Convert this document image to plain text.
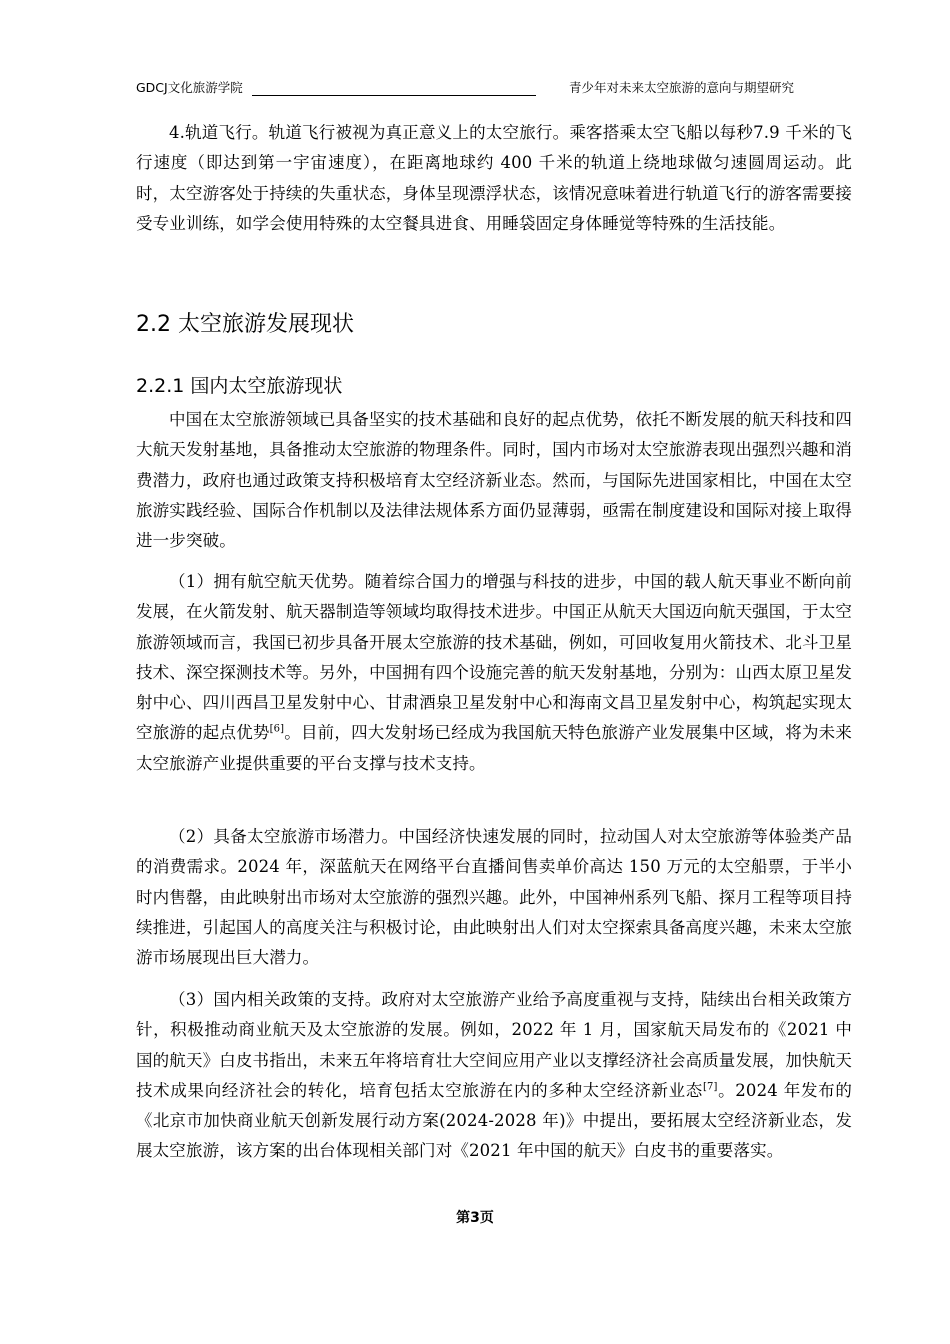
GDCJ文化旅游学院	青少年对未来太空旅游的意向与期望研究

4.轨道飞行。轨道飞行被视为真正意义上的太空旅行。乘客搭乘太空飞船以每秒7.9 千米的飞行速度（即达到第一宇宙速度），在距离地球约 400 千米的轨道上绕地球做匀速圆周运动。此时，太空游客处于持续的失重状态，身体呈现漂浮状态，该情况意味着进行轨道飞行的游客需要接受专业训练，如学会使用特殊的太空餐具进食、用睡袋固定身体睡觉等特殊的生活技能。

2.2 太空旅游发展现状
2.2.1 国内太空旅游现状

中国在太空旅游领域已具备坚实的技术基础和良好的起点优势，依托不断发展的航天科技和四大航天发射基地，具备推动太空旅游的物理条件。同时，国内市场对太空旅游表现出强烈兴趣和消费潜力，政府也通过政策支持积极培育太空经济新业态。然而，与国际先进国家相比，中国在太空旅游实践经验、国际合作机制以及法律法规体系方面仍显薄弱，亟需在制度建设和国际对接上取得进一步突破。

（1）拥有航空航天优势。随着综合国力的增强与科技的进步，中国的载人航天事业不断向前发展，在火箭发射、航天器制造等领域均取得技术进步。中国正从航天大国迈向航天强国，于太空旅游领域而言，我国已初步具备开展太空旅游的技术基础，例如，可回收复用火箭技术、北斗卫星技术、深空探测技术等。另外，中国拥有四个设施完善的航天发射基地，分别为：山西太原卫星发射中心、四川西昌卫星发射中心、甘肃酒泉卫星发射中心和海南文昌卫星发射中心，构筑起实现太空旅游的起点优势[6]。目前，四大发射场已经成为我国航天特色旅游产业发展集中区域，将为未来太空旅游产业提供重要的平台支撑与技术支持。

（2）具备太空旅游市场潜力。中国经济快速发展的同时，拉动国人对太空旅游等体验类产品的消费需求。2024 年，深蓝航天在网络平台直播间售卖单价高达 150 万元的太空船票，于半小时内售罄，由此映射出市场对太空旅游的强烈兴趣。此外，中国神州系列飞船、探月工程等项目持续推进，引起国人的高度关注与积极讨论，由此映射出人们对太空探索具备高度兴趣，未来太空旅游市场展现出巨大潜力。

（3）国内相关政策的支持。政府对太空旅游产业给予高度重视与支持，陆续出台相关政策方针，积极推动商业航天及太空旅游的发展。例如，2022 年 1 月，国家航天局发布的《2021 中国的航天》白皮书指出，未来五年将培育壮大空间应用产业以支撑经济社会高质量发展，加快航天技术成果向经济社会的转化，培育包括太空旅游在内的多种太空经济新业态[7]。2024 年发布的《北京市加快商业航天创新发展行动方案(2024-2028 年)》中提出，要拓展太空经济新业态，发展太空旅游，该方案的出台体现相关部门对《2021 年中国的航天》白皮书的重要落实。

第3页
